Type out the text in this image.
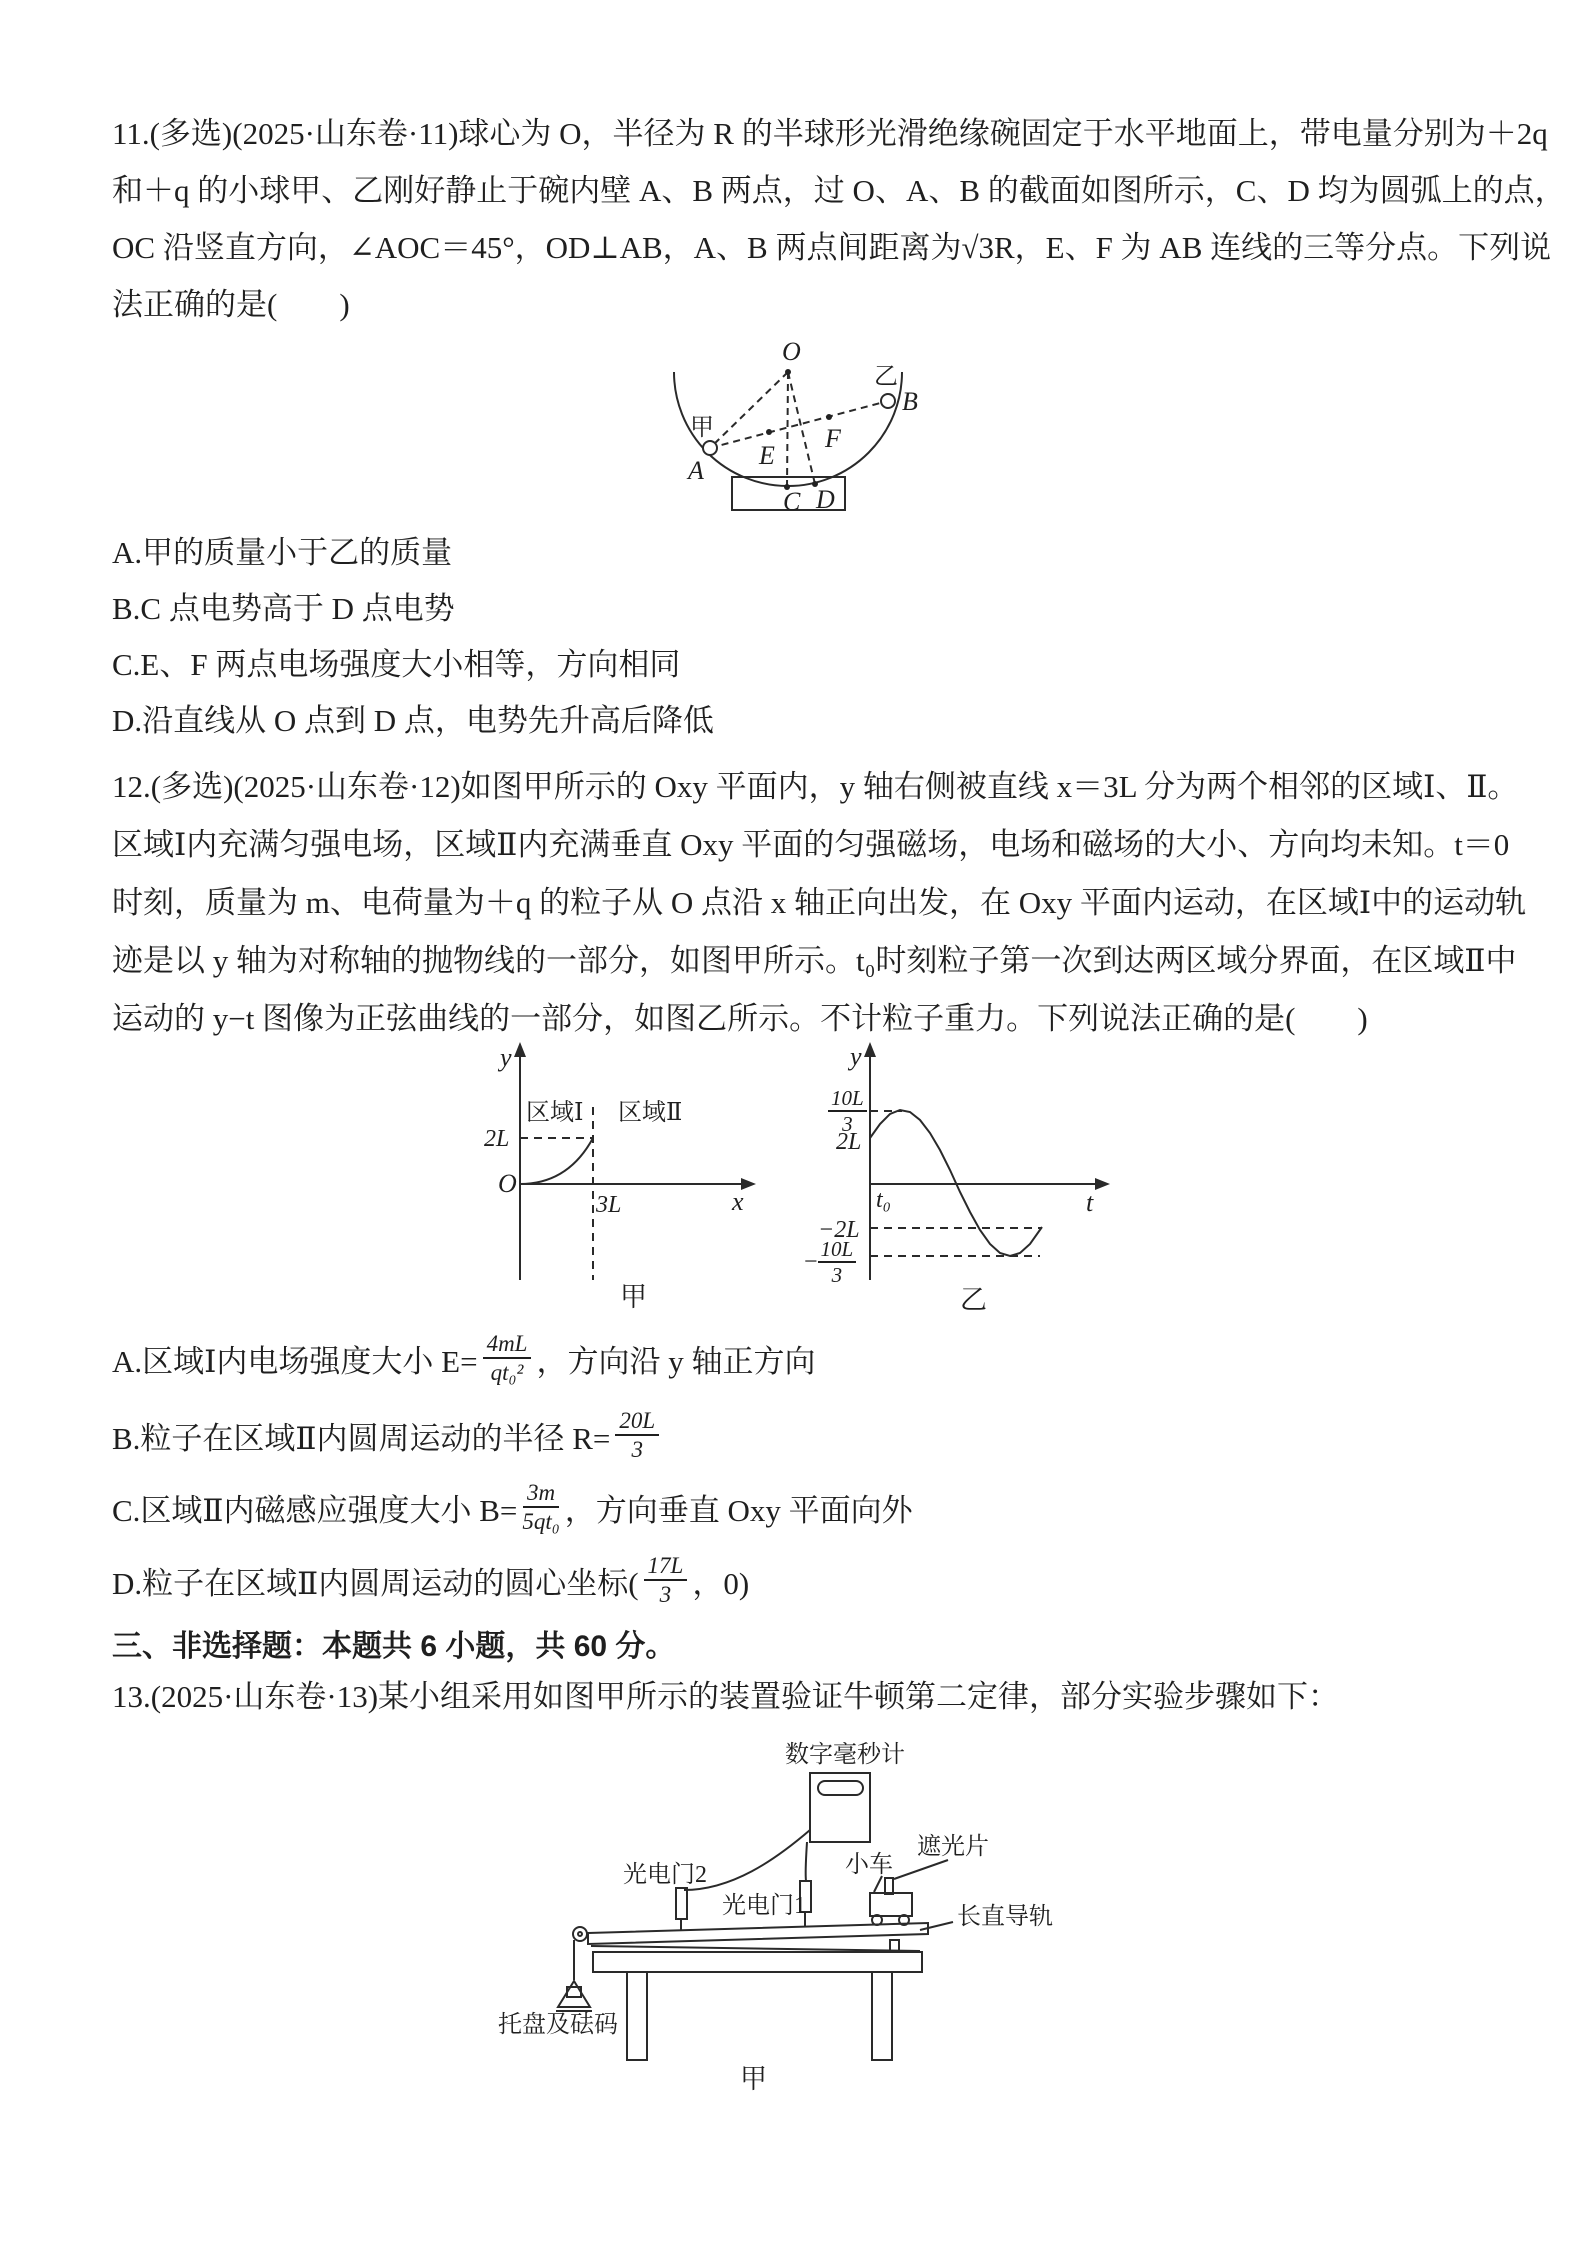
11.(多选)(2025·山东卷·11)球心为 O，半径为 R 的半球形光滑绝缘碗固定于水平地面上，带电量分别为＋2q
和＋q 的小球甲、乙刚好静止于碗内壁 A、B 两点，过 O、A、B 的截面如图所示，C、D 均为圆弧上的点，
OC 沿竖直方向，∠AOC＝45°，OD⊥AB，A、B 两点间距离为√3R，E、F 为 AB 连线的三等分点。下列说
法正确的是(　　)
O
乙
B
甲
A
E
F
C D
A.甲的质量小于乙的质量
B.C 点电势高于 D 点电势
C.E、F 两点电场强度大小相等，方向相同
D.沿直线从 O 点到 D 点，电势先升高后降低
12.(多选)(2025·山东卷·12)如图甲所示的 Oxy 平面内，y 轴右侧被直线 x＝3L 分为两个相邻的区域Ⅰ、Ⅱ。
区域Ⅰ内充满匀强电场，区域Ⅱ内充满垂直 Oxy 平面的匀强磁场，电场和磁场的大小、方向均未知。t＝0
时刻，质量为 m、电荷量为＋q 的粒子从 O 点沿 x 轴正向出发，在 Oxy 平面内运动，在区域Ⅰ中的运动轨
迹是以 y 轴为对称轴的抛物线的一部分，如图甲所示。t₀时刻粒子第一次到达两区域分界面，在区域Ⅱ中
运动的 y−t 图像为正弦曲线的一部分，如图乙所示。不计粒子重力。下列说法正确的是(　　)
y
x
O
区域Ⅰ 区域Ⅱ
2L
3L
甲
y
t
$\frac{10L}{3}$
2L
t₀
−2L
− $\frac{10L}{3}$
乙
A.区域Ⅰ内电场强度大小 $E= \frac{4mL}{\text{qt₀²}}$ ，方向沿 y 轴正方向
B.粒子在区域Ⅱ内圆周运动的半径 $R= \frac{20L}{3}$
C.区域Ⅱ内磁感应强度大小 $B= \frac{3m}{\text{5qt₀}}$ ，方向垂直 Oxy 平面向外
D.粒子在区域Ⅱ内圆周运动的圆心坐标( $\frac{17L}{3}$ ，0)
三、非选择题：本题共 6 小题，共 60 分。
13.(2025·山东卷·13)某小组采用如图甲所示的装置验证牛顿第二定律，部分实验步骤如下：
数字毫秒计
光电门2
光电门1
小车
遮光片
长直导轨
托盘及砝码
甲
